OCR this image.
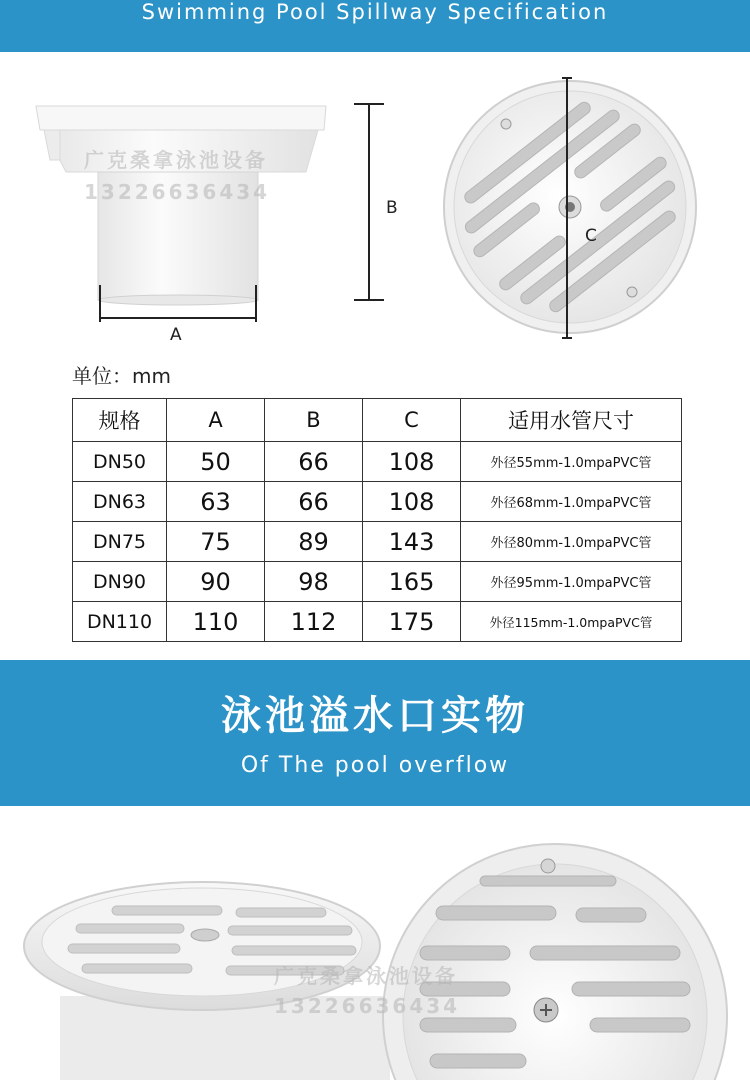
Swimming Pool Spillway Specification
A
广克桑拿泳池设备
13226636434
B
C
单位：mm
规格	A	B	C	适用水管尺寸
DN50	50	66	108	外径55mm-1.0mpaPVC管
DN63	63	66	108	外径68mm-1.0mpaPVC管
DN75	75	89	143	外径80mm-1.0mpaPVC管
DN90	90	98	165	外径95mm-1.0mpaPVC管
DN110	110	112	175	外径115mm-1.0mpaPVC管
泳池溢水口实物
Of The pool overflow
广克桑拿泳池设备
13226636434
